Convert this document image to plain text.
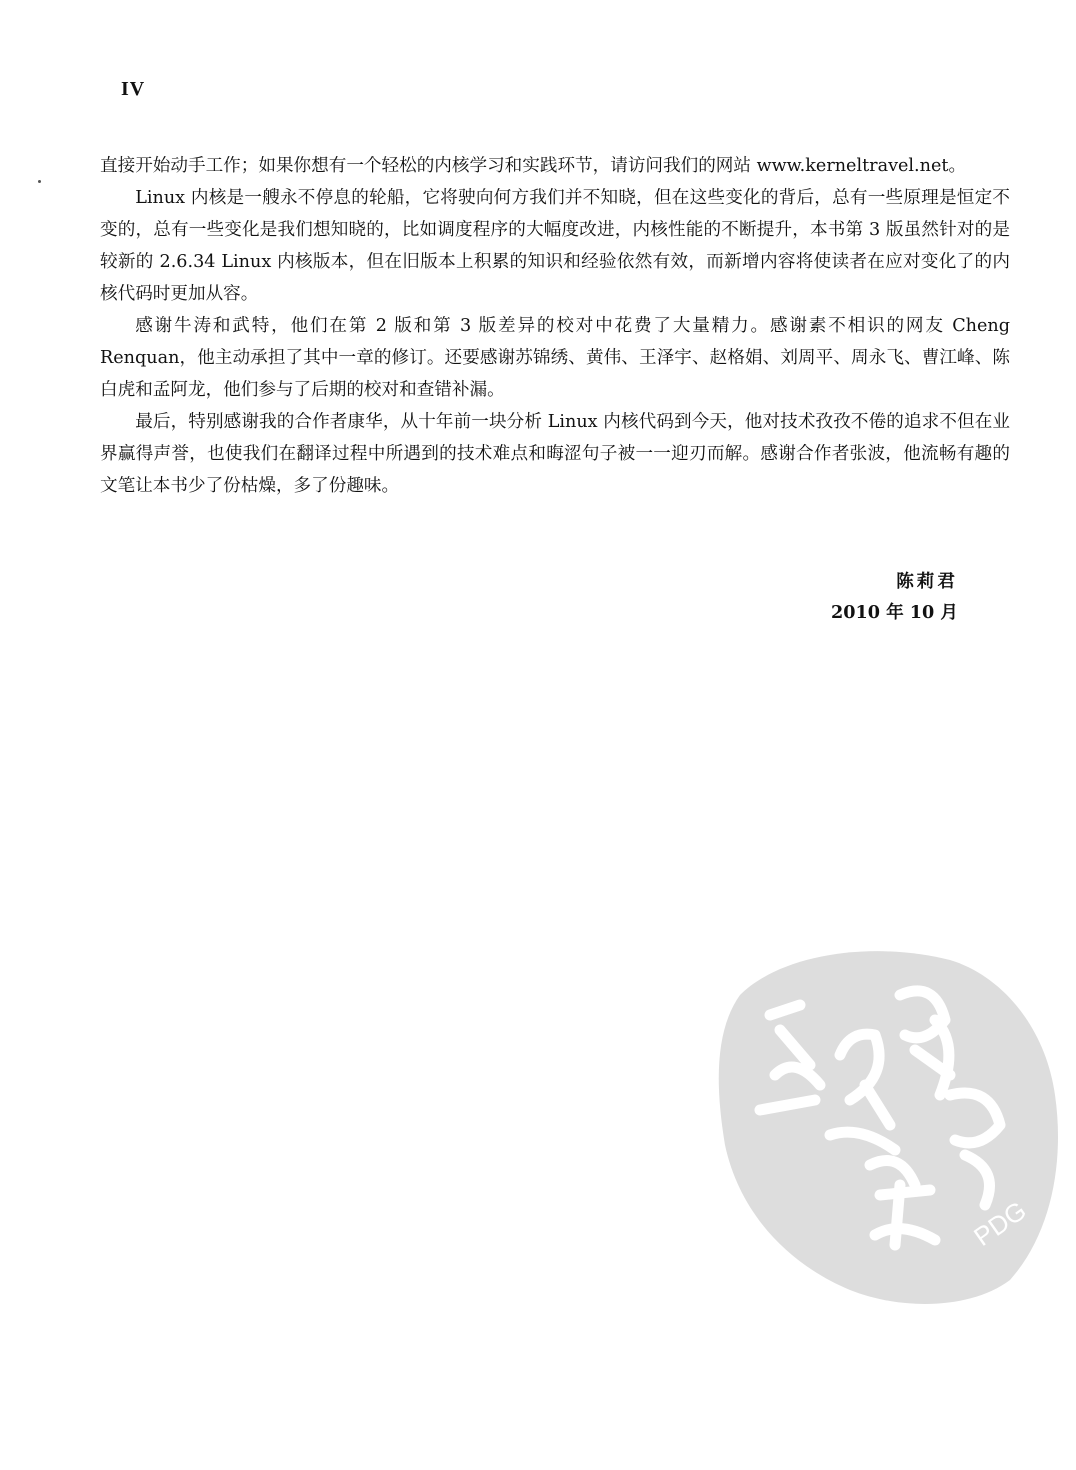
IV

直接开始动手工作；如果你想有一个轻松的内核学习和实践环节，请访问我们的网站 www.kerneltravel.net。

Linux 内核是一艘永不停息的轮船，它将驶向何方我们并不知晓，但在这些变化的背后，总有一些原理是恒定不变的，总有一些变化是我们想知晓的，比如调度程序的大幅度改进，内核性能的不断提升，本书第 3 版虽然针对的是较新的 2.6.34 Linux 内核版本，但在旧版本上积累的知识和经验依然有效，而新增内容将使读者在应对变化了的内核代码时更加从容。

感谢牛涛和武特，他们在第 2 版和第 3 版差异的校对中花费了大量精力。感谢素不相识的网友 Cheng Renquan，他主动承担了其中一章的修订。还要感谢苏锦绣、黄伟、王泽宇、赵格娟、刘周平、周永飞、曹江峰、陈白虎和孟阿龙，他们参与了后期的校对和查错补漏。

最后，特别感谢我的合作者康华，从十年前一块分析 Linux 内核代码到今天，他对技术孜孜不倦的追求不但在业界赢得声誉，也使我们在翻译过程中所遇到的技术难点和晦涩句子被一一迎刃而解。感谢合作者张波，他流畅有趣的文笔让本书少了份枯燥，多了份趣味。

陈莉君
2010 年 10 月
PDG
